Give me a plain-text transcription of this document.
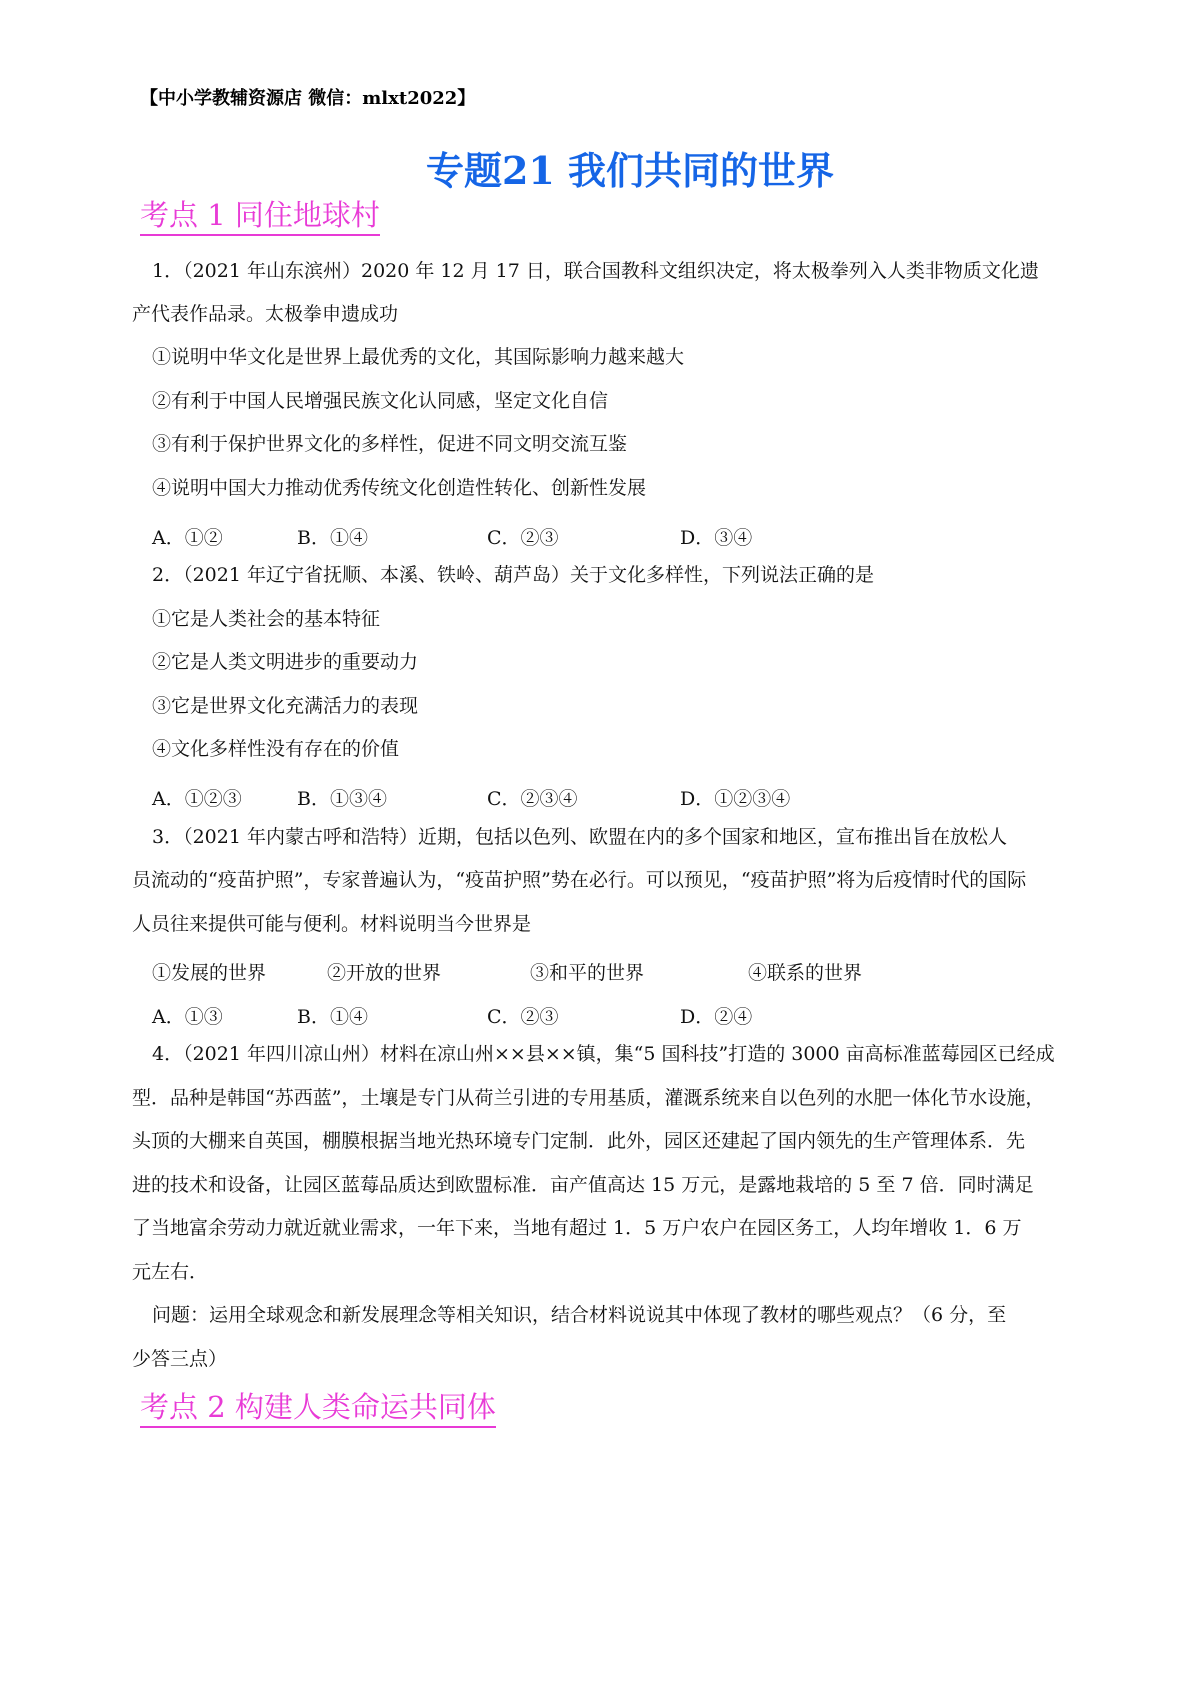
【中小学教辅资源店 微信：mlxt2022】
专题21 我们共同的世界
考点 1 同住地球村
1．（2021 年山东滨州）2020 年 12 月 17 日，联合国教科文组织决定，将太极拳列入人类非物质文化遗
产代表作品录。太极拳申遗成功
①说明中华文化是世界上最优秀的文化，其国际影响力越来越大
②有利于中国人民增强民族文化认同感，坚定文化自信
③有利于保护世界文化的多样性，促进不同文明交流互鉴
④说明中国大力推动优秀传统文化创造性转化、创新性发展
A．①②	B．①④	C．②③	D．③④
2．（2021 年辽宁省抚顺、本溪、铁岭、葫芦岛）关于文化多样性，下列说法正确的是
①它是人类社会的基本特征
②它是人类文明进步的重要动力
③它是世界文化充满活力的表现
④文化多样性没有存在的价值
A．①②③	B．①③④	C．②③④	D．①②③④
3．（2021 年内蒙古呼和浩特）近期，包括以色列、欧盟在内的多个国家和地区，宣布推出旨在放松人
员流动的“疫苗护照”，专家普遍认为，“疫苗护照”势在必行。可以预见，“疫苗护照”将为后疫情时代的国际
人员往来提供可能与便利。材料说明当今世界是
①发展的世界	②开放的世界	③和平的世界	④联系的世界
A．①③	B．①④	C．②③	D．②④
4．（2021 年四川凉山州）材料在凉山州××县××镇，集“5 国科技”打造的 3000 亩高标准蓝莓园区已经成
型．品种是韩国“苏西蓝”，土壤是专门从荷兰引进的专用基质，灌溉系统来自以色列的水肥一体化节水设施，
头顶的大棚来自英国，棚膜根据当地光热环境专门定制．此外，园区还建起了国内领先的生产管理体系．先
进的技术和设备，让园区蓝莓品质达到欧盟标准．亩产值高达 15 万元，是露地栽培的 5 至 7 倍．同时满足
了当地富余劳动力就近就业需求，一年下来，当地有超过 1．5 万户农户在园区务工，人均年增收 1．6 万
元左右．
问题：运用全球观念和新发展理念等相关知识，结合材料说说其中体现了教材的哪些观点？（6 分，至
少答三点）
考点 2 构建人类命运共同体
